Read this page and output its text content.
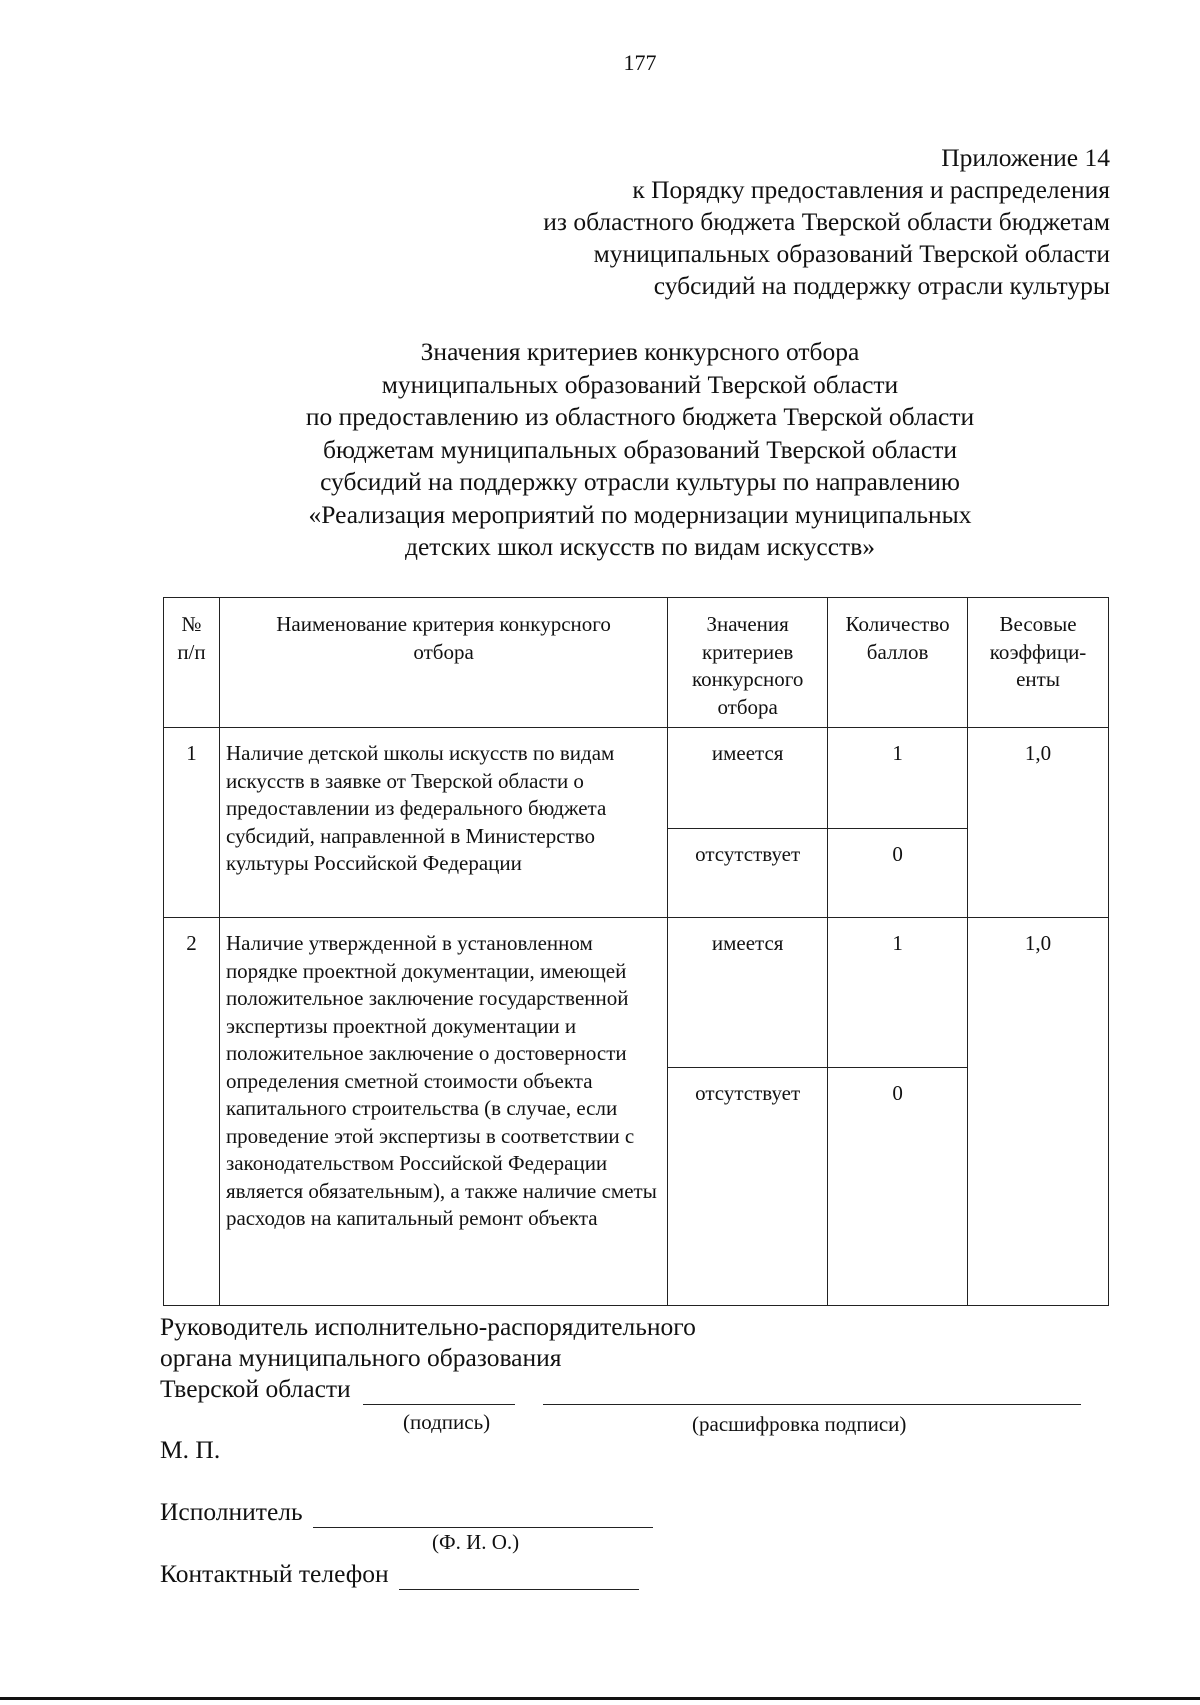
177
Приложение 14
к Порядку предоставления и распределения
из областного бюджета Тверской области бюджетам
муниципальных образований Тверской области
субсидий на поддержку отрасли культуры
Значения критериев конкурсного отбора
муниципальных образований Тверской области
по предоставлению из областного бюджета Тверской области
бюджетам муниципальных образований Тверской области
субсидий на поддержку отрасли культуры по направлению
«Реализация мероприятий по модернизации муниципальных
детских школ искусств по видам искусств»
№ п/п	Наименование критерия конкурсного отбора	Значения критериев конкурсного отбора	Количество баллов	Весовые коэффици-енты
1	Наличие детской школы искусств по видам искусств в заявке от Тверской области о предоставлении из федерального бюджета субсидий, направленной в Министерство культуры Российской Федерации	имеется	1	1,0
		отсутствует	0	
2	Наличие утвержденной в установленном порядке проектной документации, имеющей положительное заключение государственной экспертизы проектной документации и положительное заключение о достоверности определения сметной стоимости объекта капитального строительства (в случае, если проведение этой экспертизы в соответствии с законодательством Российской Федерации является обязательным), а также наличие сметы расходов на капитальный ремонт объекта	имеется	1	1,0
		отсутствует	0	
Руководитель исполнительно-распорядительного
органа муниципального образования
Тверской области
(подпись)	(расшифровка подписи)
М. П.
Исполнитель
(Ф. И. О.)
Контактный телефон
